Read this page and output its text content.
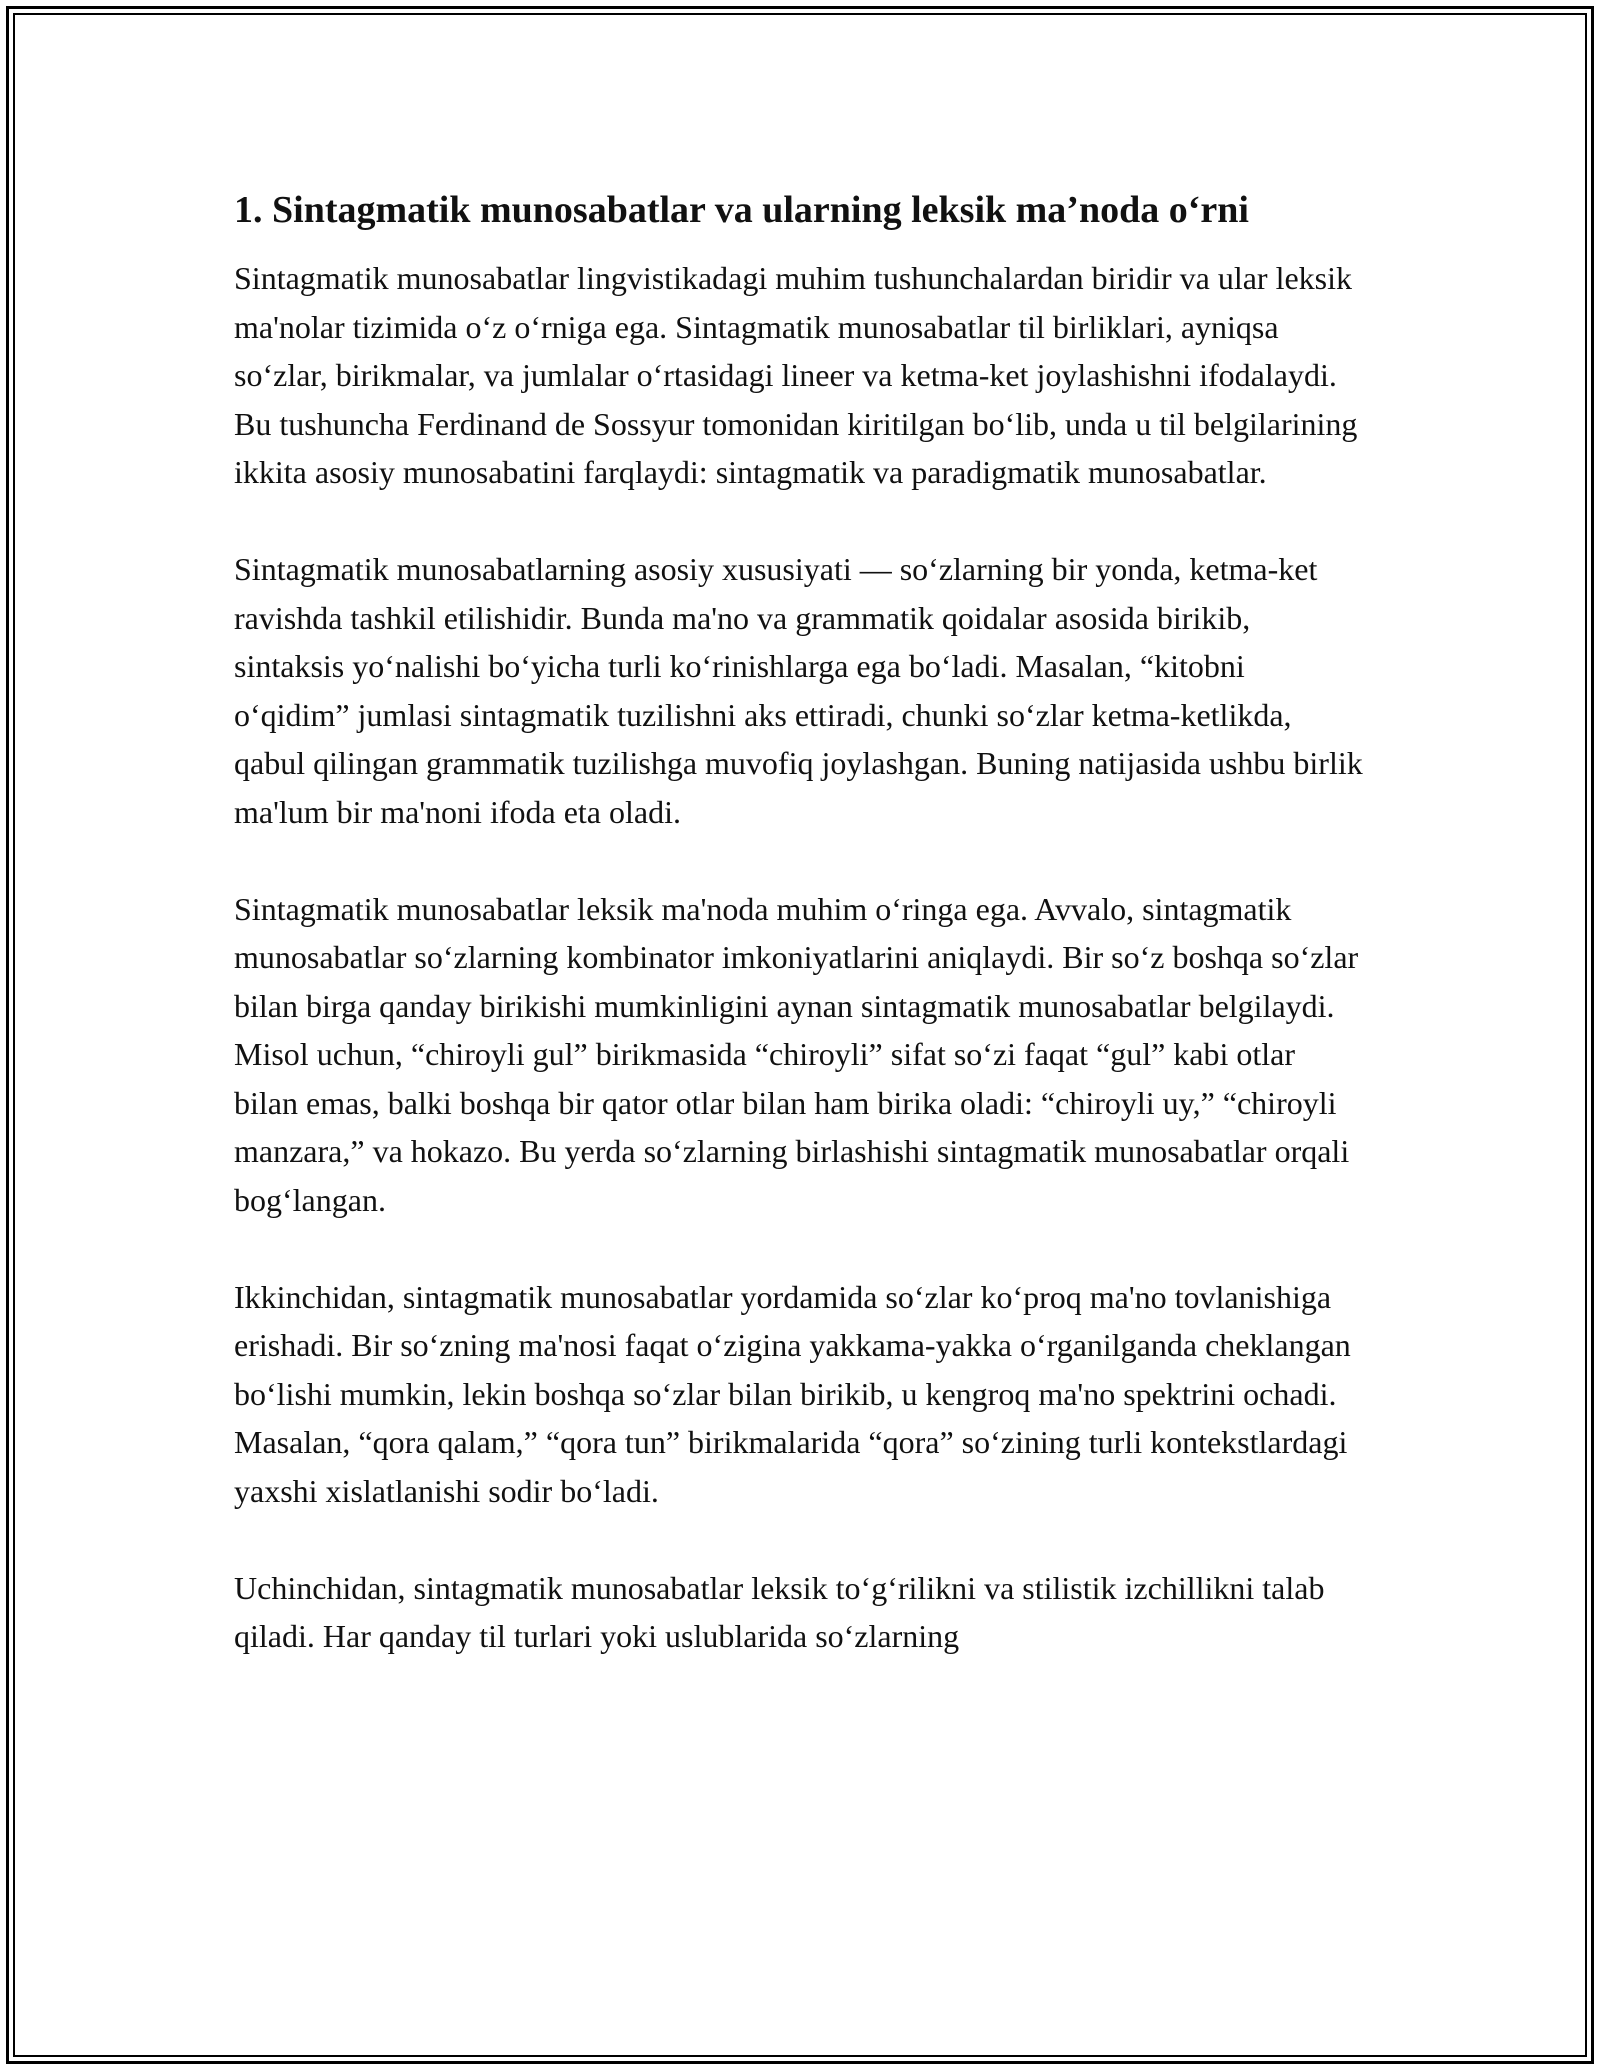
1. Sintagmatik munosabatlar va ularning leksik ma’noda o‘rni

Sintagmatik munosabatlar lingvistikadagi muhim tushunchalardan biridir va ular leksik ma'nolar tizimida o‘z o‘rniga ega. Sintagmatik munosabatlar til birliklari, ayniqsa so‘zlar, birikmalar, va jumlalar o‘rtasidagi lineer va ketma-ket joylashishni ifodalaydi. Bu tushuncha Ferdinand de Sossyur tomonidan kiritilgan bo‘lib, unda u til belgilarining ikkita asosiy munosabatini farqlaydi: sintagmatik va paradigmatik munosabatlar.

Sintagmatik munosabatlarning asosiy xususiyati — so‘zlarning bir yonda, ketma-ket ravishda tashkil etilishidir. Bunda ma'no va grammatik qoidalar asosida birikib, sintaksis yo‘nalishi bo‘yicha turli ko‘rinishlarga ega bo‘ladi. Masalan, “kitobni o‘qidim” jumlasi sintagmatik tuzilishni aks ettiradi, chunki so‘zlar ketma-ketlikda, qabul qilingan grammatik tuzilishga muvofiq joylashgan. Buning natijasida ushbu birlik ma'lum bir ma'noni ifoda eta oladi.

Sintagmatik munosabatlar leksik ma'noda muhim o‘ringa ega. Avvalo, sintagmatik munosabatlar so‘zlarning kombinator imkoniyatlarini aniqlaydi. Bir so‘z boshqa so‘zlar bilan birga qanday birikishi mumkinligini aynan sintagmatik munosabatlar belgilaydi. Misol uchun, “chiroyli gul” birikmasida “chiroyli” sifat so‘zi faqat “gul” kabi otlar bilan emas, balki boshqa bir qator otlar bilan ham birika oladi: “chiroyli uy,” “chiroyli manzara,” va hokazo. Bu yerda so‘zlarning birlashishi sintagmatik munosabatlar orqali bog‘langan.

Ikkinchidan, sintagmatik munosabatlar yordamida so‘zlar ko‘proq ma'no tovlanishiga erishadi. Bir so‘zning ma'nosi faqat o‘zigina yakkama-yakka o‘rganilganda cheklangan bo‘lishi mumkin, lekin boshqa so‘zlar bilan birikib, u kengroq ma'no spektrini ochadi. Masalan, “qora qalam,” “qora tun” birikmalarida “qora” so‘zining turli kontekstlardagi yaxshi xislatlanishi sodir bo‘ladi.

Uchinchidan, sintagmatik munosabatlar leksik to‘g‘rilikni va stilistik izchillikni talab qiladi. Har qanday til turlari yoki uslublarida so‘zlarning
